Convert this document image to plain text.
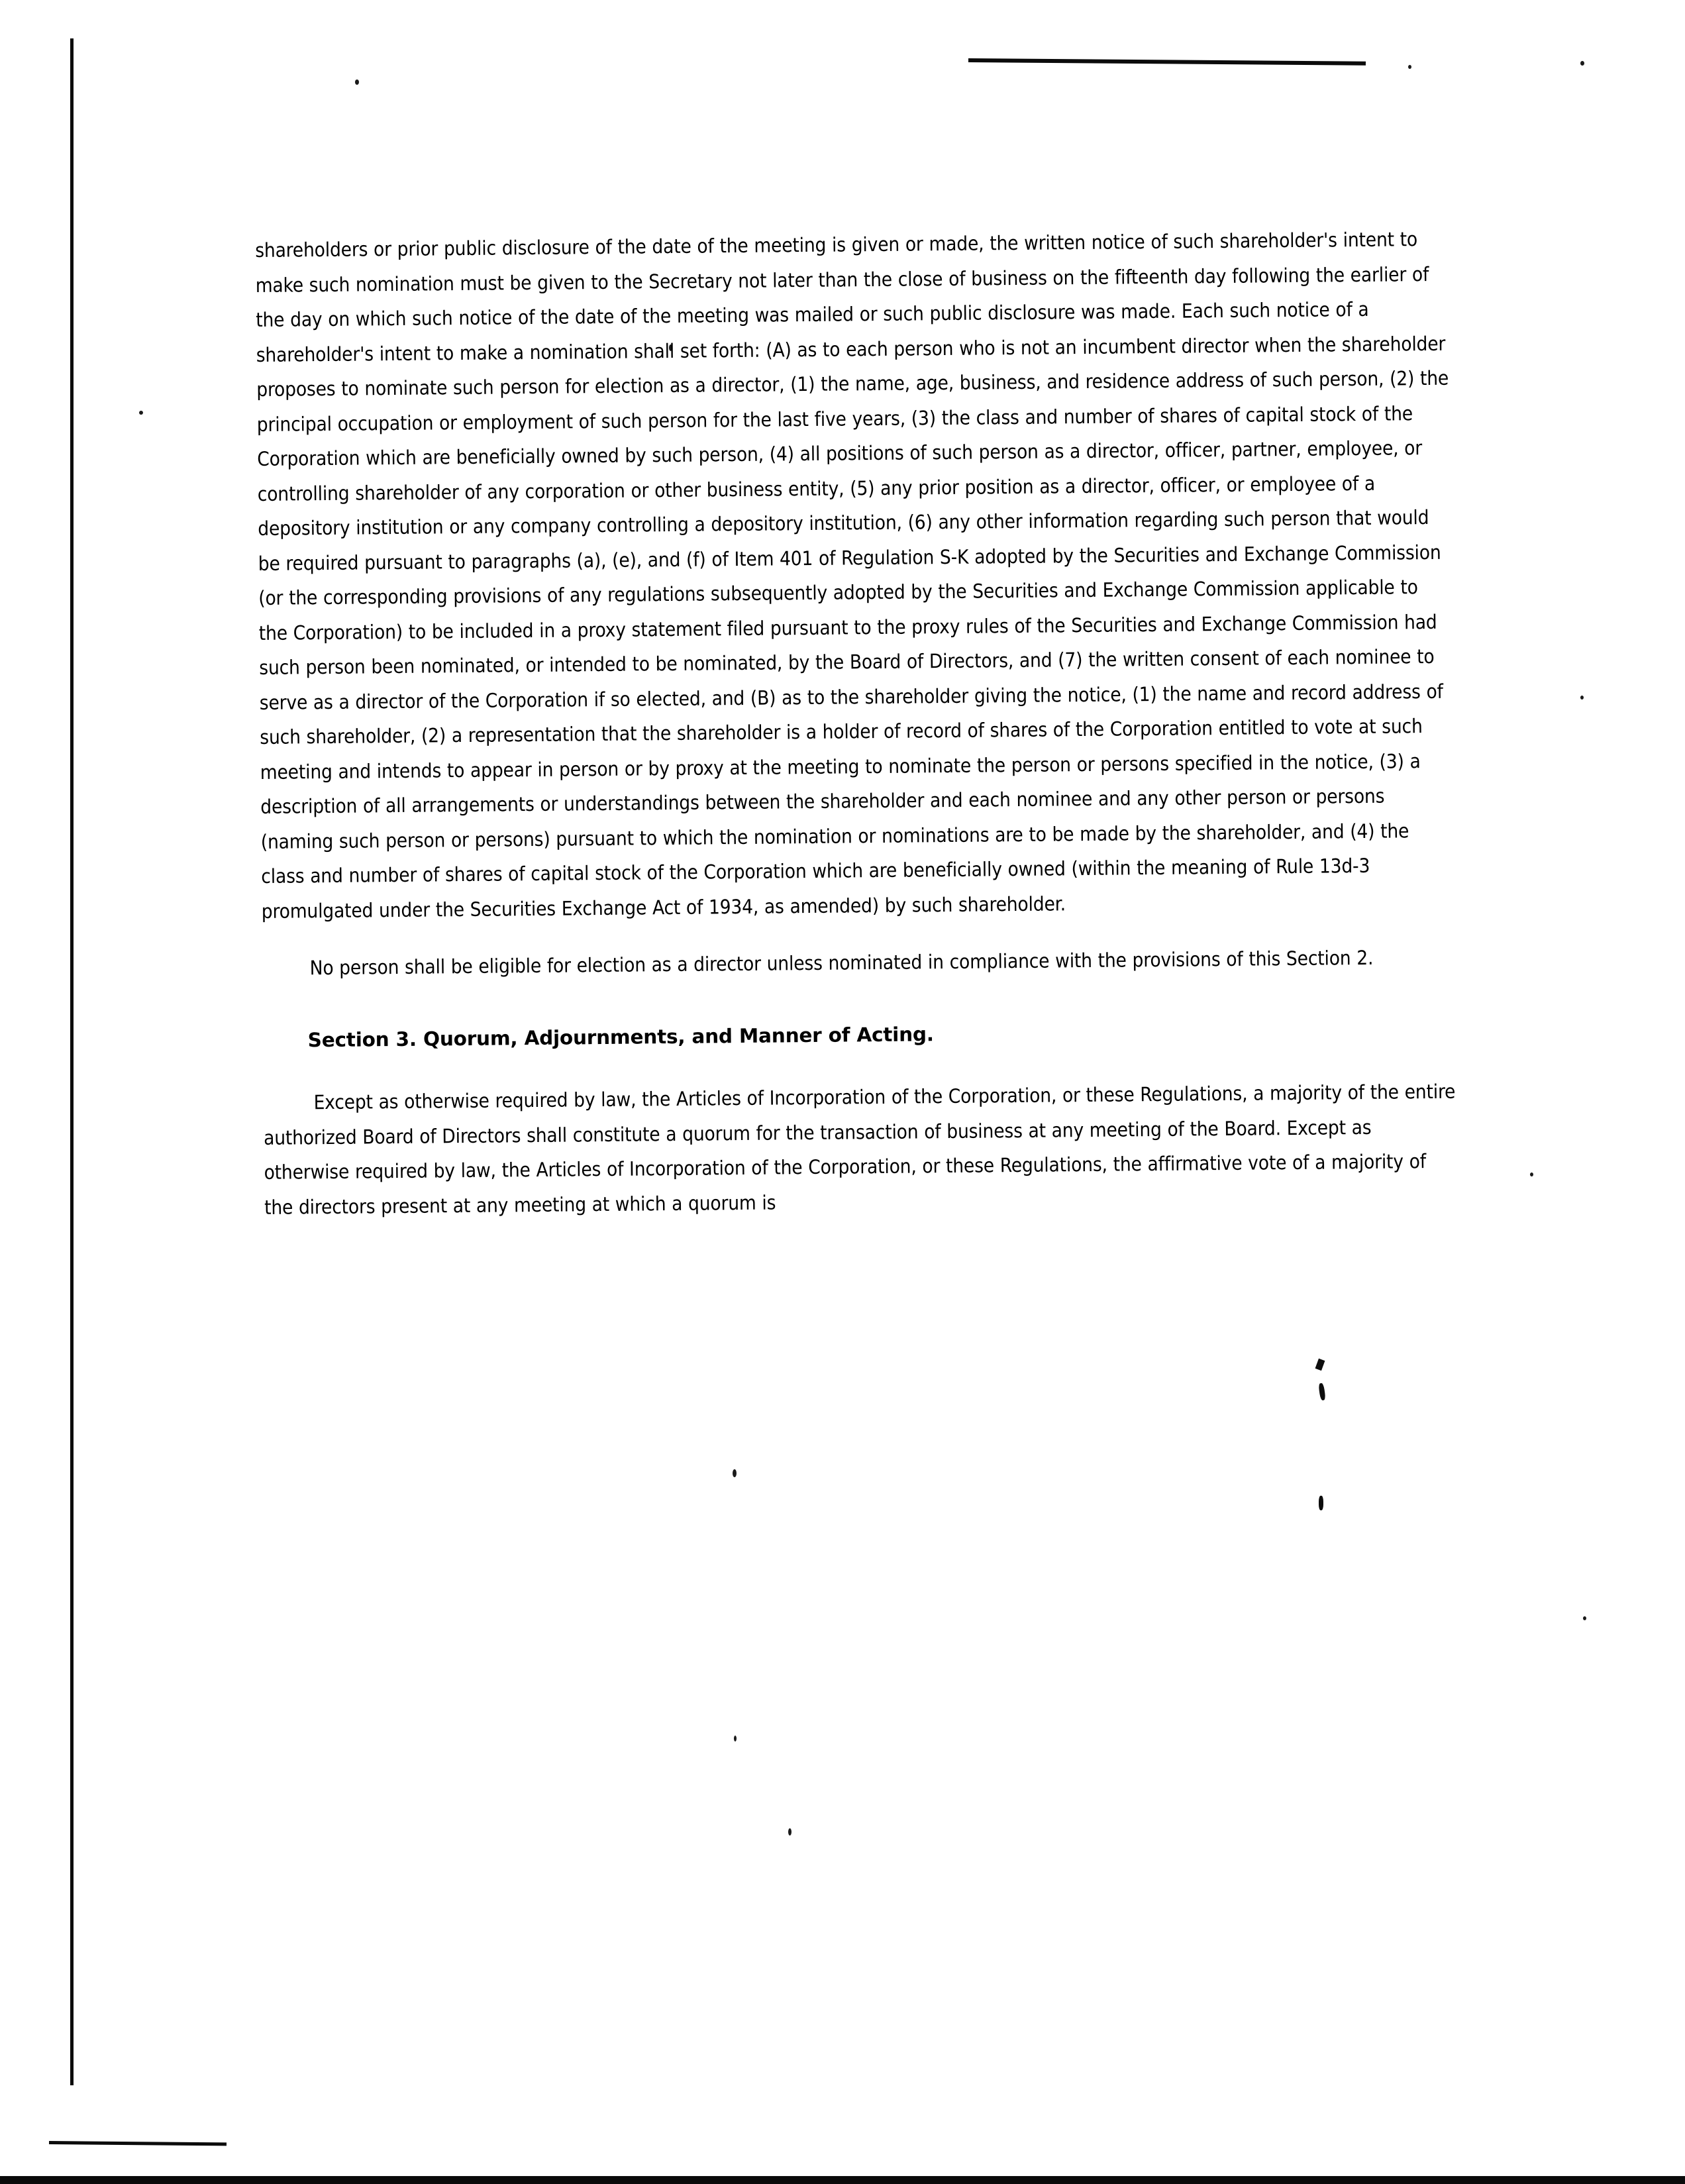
shareholders or prior public disclosure of the date of the meeting is given or made, the written notice of such shareholder's intent to make such nomination must be given to the Secretary not later than the close of business on the fifteenth day following the earlier of the day on which such notice of the date of the meeting was mailed or such public disclosure was made. Each such notice of a shareholder's intent to make a nomination shall set forth: (A) as to each person who is not an incumbent director when the shareholder proposes to nominate such person for election as a director, (1) the name, age, business, and residence address of such person, (2) the principal occupation or employment of such person for the last five years, (3) the class and number of shares of capital stock of the Corporation which are beneficially owned by such person, (4) all positions of such person as a director, officer, partner, employee, or controlling shareholder of any corporation or other business entity, (5) any prior position as a director, officer, or employee of a depository institution or any company controlling a depository institution, (6) any other information regarding such person that would be required pursuant to paragraphs (a), (e), and (f) of Item 401 of Regulation S-K adopted by the Securities and Exchange Commission (or the corresponding provisions of any regulations subsequently adopted by the Securities and Exchange Commission applicable to the Corporation) to be included in a proxy statement filed pursuant to the proxy rules of the Securities and Exchange Commission had such person been nominated, or intended to be nominated, by the Board of Directors, and (7) the written consent of each nominee to serve as a director of the Corporation if so elected, and (B) as to the shareholder giving the notice, (1) the name and record address of such shareholder, (2) a representation that the shareholder is a holder of record of shares of the Corporation entitled to vote at such meeting and intends to appear in person or by proxy at the meeting to nominate the person or persons specified in the notice, (3) a description of all arrangements or understandings between the shareholder and each nominee and any other person or persons (naming such person or persons) pursuant to which the nomination or nominations are to be made by the shareholder, and (4) the class and number of shares of capital stock of the Corporation which are beneficially owned (within the meaning of Rule 13d-3 promulgated under the Securities Exchange Act of 1934, as amended) by such shareholder.

No person shall be eligible for election as a director unless nominated in compliance with the provisions of this Section 2.

Section 3. Quorum, Adjournments, and Manner of Acting.

Except as otherwise required by law, the Articles of Incorporation of the Corporation, or these Regulations, a majority of the entire authorized Board of Directors shall constitute a quorum for the transaction of business at any meeting of the Board. Except as otherwise required by law, the Articles of Incorporation of the Corporation, or these Regulations, the affirmative vote of a majority of the directors present at any meeting at which a quorum is
